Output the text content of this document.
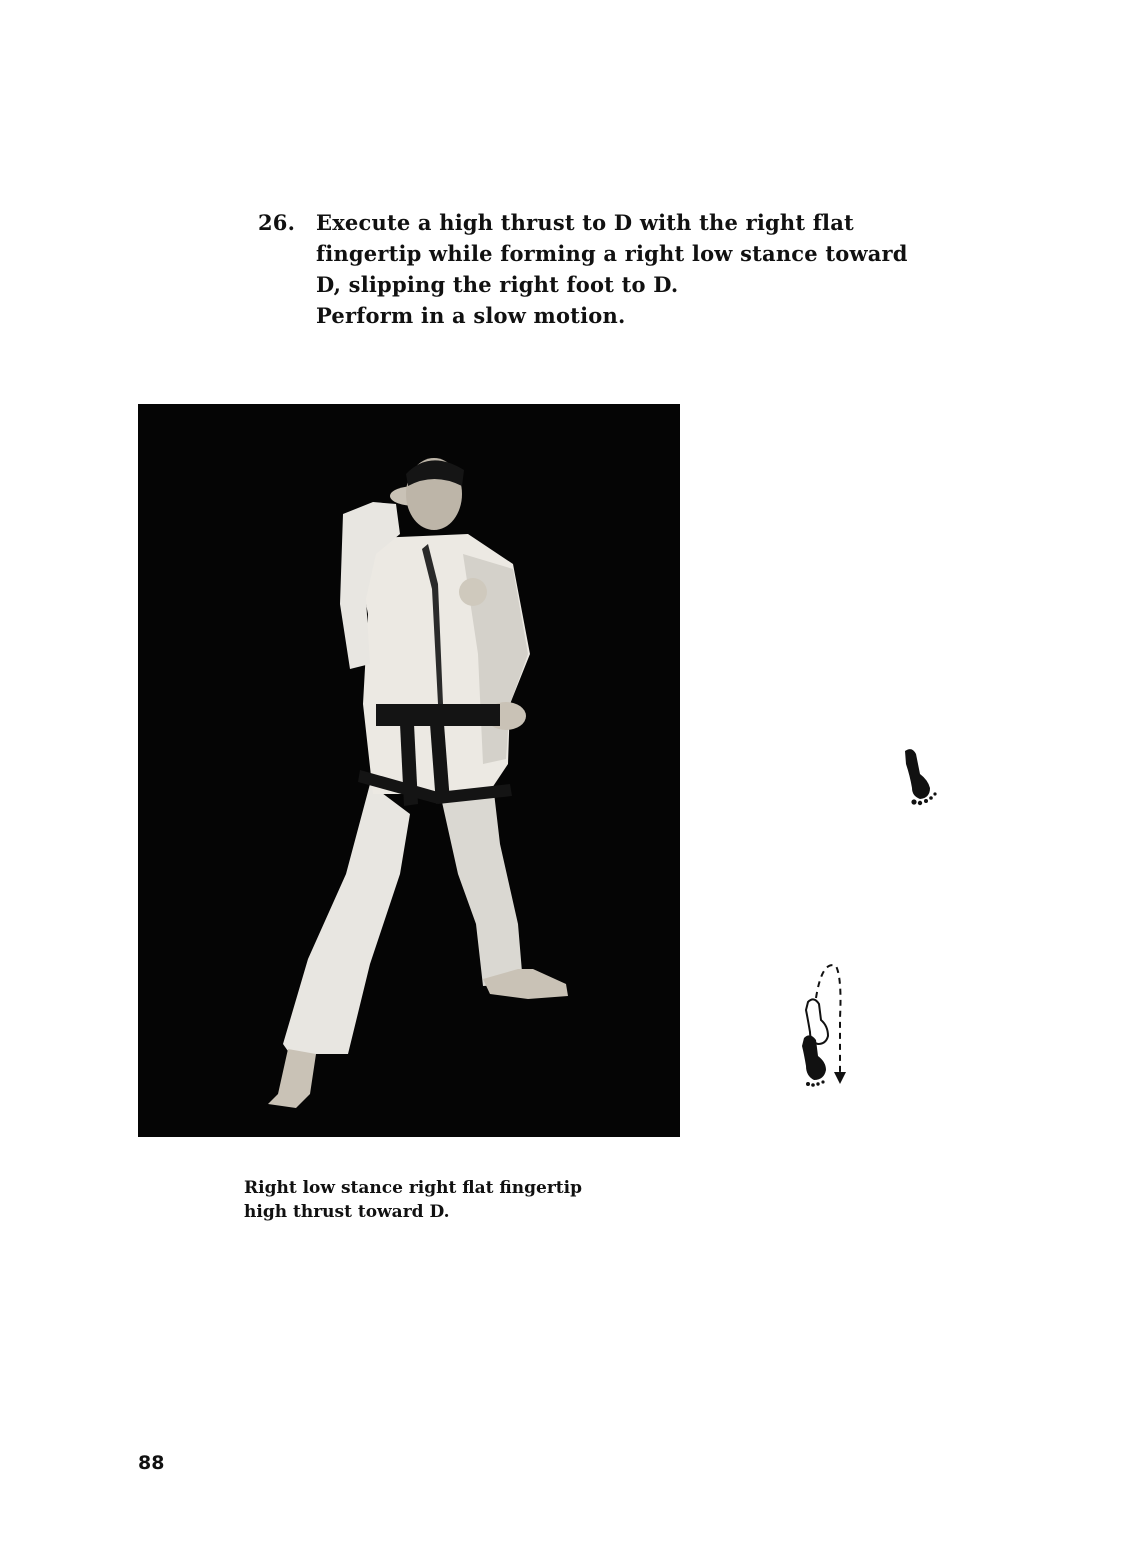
26. Execute a high thrust to D with the right flat
fingertip while forming a right low stance toward
D, slipping the right foot to D.
Perform in a slow motion.
Right low stance right flat fingertip
high thrust toward D.
88
